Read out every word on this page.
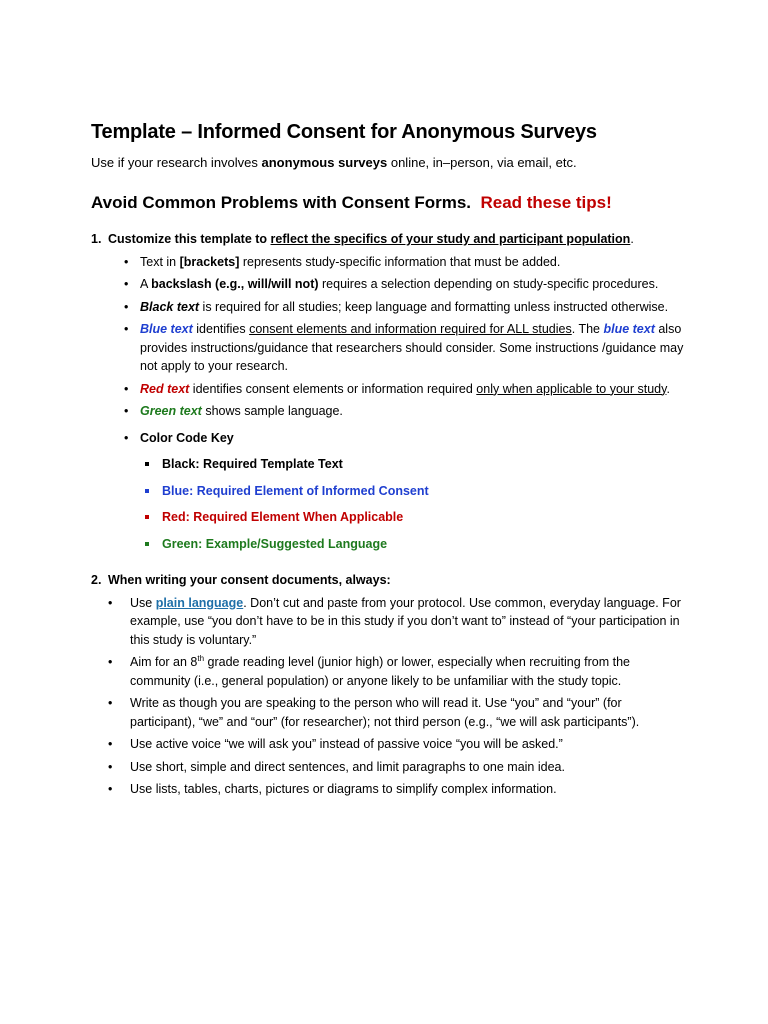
Template – Informed Consent for Anonymous Surveys
Use if your research involves anonymous surveys online, in–person, via email, etc.
Avoid Common Problems with Consent Forms. Read these tips!
1. Customize this template to reflect the specifics of your study and participant population.
• Text in [brackets] represents study-specific information that must be added.
• A backslash (e.g., will/will not) requires a selection depending on study-specific procedures.
• Black text is required for all studies; keep language and formatting unless instructed otherwise.
• Blue text identifies consent elements and information required for ALL studies. The blue text also provides instructions/guidance that researchers should consider. Some instructions /guidance may not apply to your research.
• Red text identifies consent elements or information required only when applicable to your study.
• Green text shows sample language.
• Color Code Key
Black: Required Template Text
Blue: Required Element of Informed Consent
Red: Required Element When Applicable
Green: Example/Suggested Language
2. When writing your consent documents, always:
• Use plain language. Don’t cut and paste from your protocol. Use common, everyday language. For example, use “you don’t have to be in this study if you don’t want to” instead of “your participation in this study is voluntary.”
• Aim for an 8th grade reading level (junior high) or lower, especially when recruiting from the community (i.e., general population) or anyone likely to be unfamiliar with the study topic.
• Write as though you are speaking to the person who will read it. Use “you” and “your” (for participant), “we” and “our” (for researcher); not third person (e.g., “we will ask participants”).
• Use active voice “we will ask you” instead of passive voice “you will be asked.”
• Use short, simple and direct sentences, and limit paragraphs to one main idea.
• Use lists, tables, charts, pictures or diagrams to simplify complex information.
